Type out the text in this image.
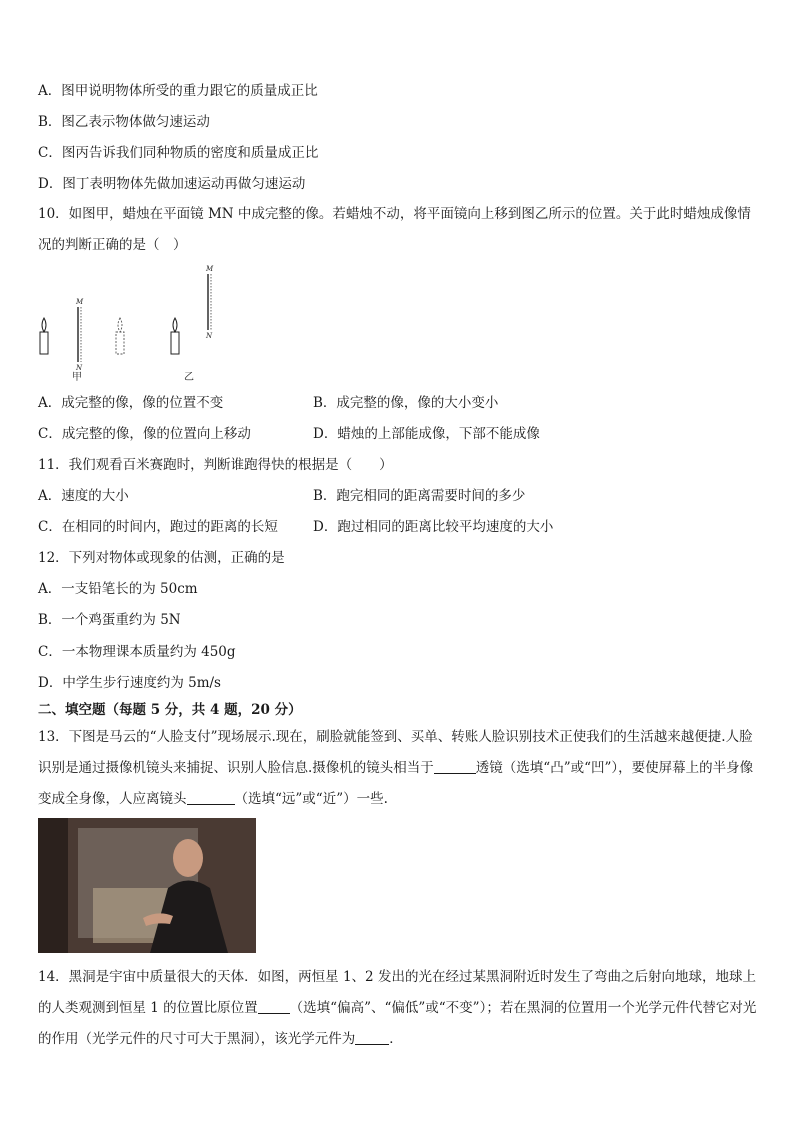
A．图甲说明物体所受的重力跟它的质量成正比
B．图乙表示物体做匀速运动
C．图丙告诉我们同种物质的密度和质量成正比
D．图丁表明物体先做加速运动再做匀速运动
10．如图甲，蜡烛在平面镜 MN 中成完整的像。若蜡烛不动，将平面镜向上移到图乙所示的位置。关于此时蜡烛成像情况的判断正确的是（　）
M
N
甲
M
N
乙
A．成完整的像，像的位置不变	B．成完整的像，像的大小变小
C．成完整的像，像的位置向上移动	D．蜡烛的上部能成像，下部不能成像
11．我们观看百米赛跑时，判断谁跑得快的根据是（　　）
A．速度的大小	B．跑完相同的距离需要时间的多少
C．在相同的时间内，跑过的距离的长短	D．跑过相同的距离比较平均速度的大小
12．下列对物体或现象的估测，正确的是
A．一支铅笔长的为 50cm
B．一个鸡蛋重约为 5N
C．一本物理课本质量约为 450g
D．中学生步行速度约为 5m/s
二、填空题（每题 5 分，共 4 题，20 分）
13．下图是马云的“人脸支付”现场展示.现在，刷脸就能签到、买单、转账人脸识别技术正使我们的生活越来越便捷.人脸识别是通过摄像机镜头来捕捉、识别人脸信息.摄像机的镜头相当于	透镜（选填“凸”或“凹”），要使屏幕上的半身像变成全身像，人应离镜头	（选填“远”或“近”）一些.
14．黑洞是宇宙中质量很大的天体．如图，两恒星 1、2 发出的光在经过某黑洞附近时发生了弯曲之后射向地球，地球上的人类观测到恒星 1 的位置比原位置 （选填“偏高”、“偏低”或“不变”）；若在黑洞的位置用一个光学元件代替它对光的作用（光学元件的尺寸可大于黑洞），该光学元件为	．
